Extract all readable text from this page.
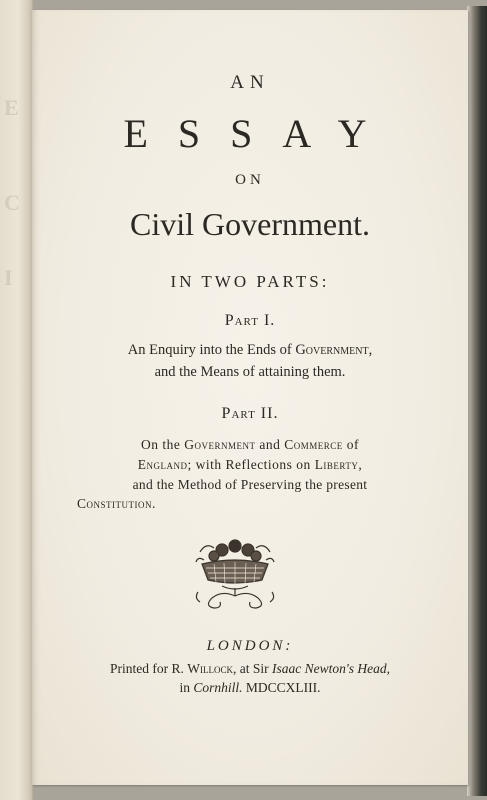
E
C
I

AN

ESSAY

ON

Civil Government.

IN TWO PARTS:

Part I.

An Enquiry into the Ends of Government,

and the Means of attaining them.

Part II.

On the Government and Commerce of

England; with Reflections on Liberty,

and the Method of Preserving the present

Constitution.

LONDON:

Printed for R. Willock, at Sir Isaac Newton's Head,

in Cornhill. MDCCXLIII.
